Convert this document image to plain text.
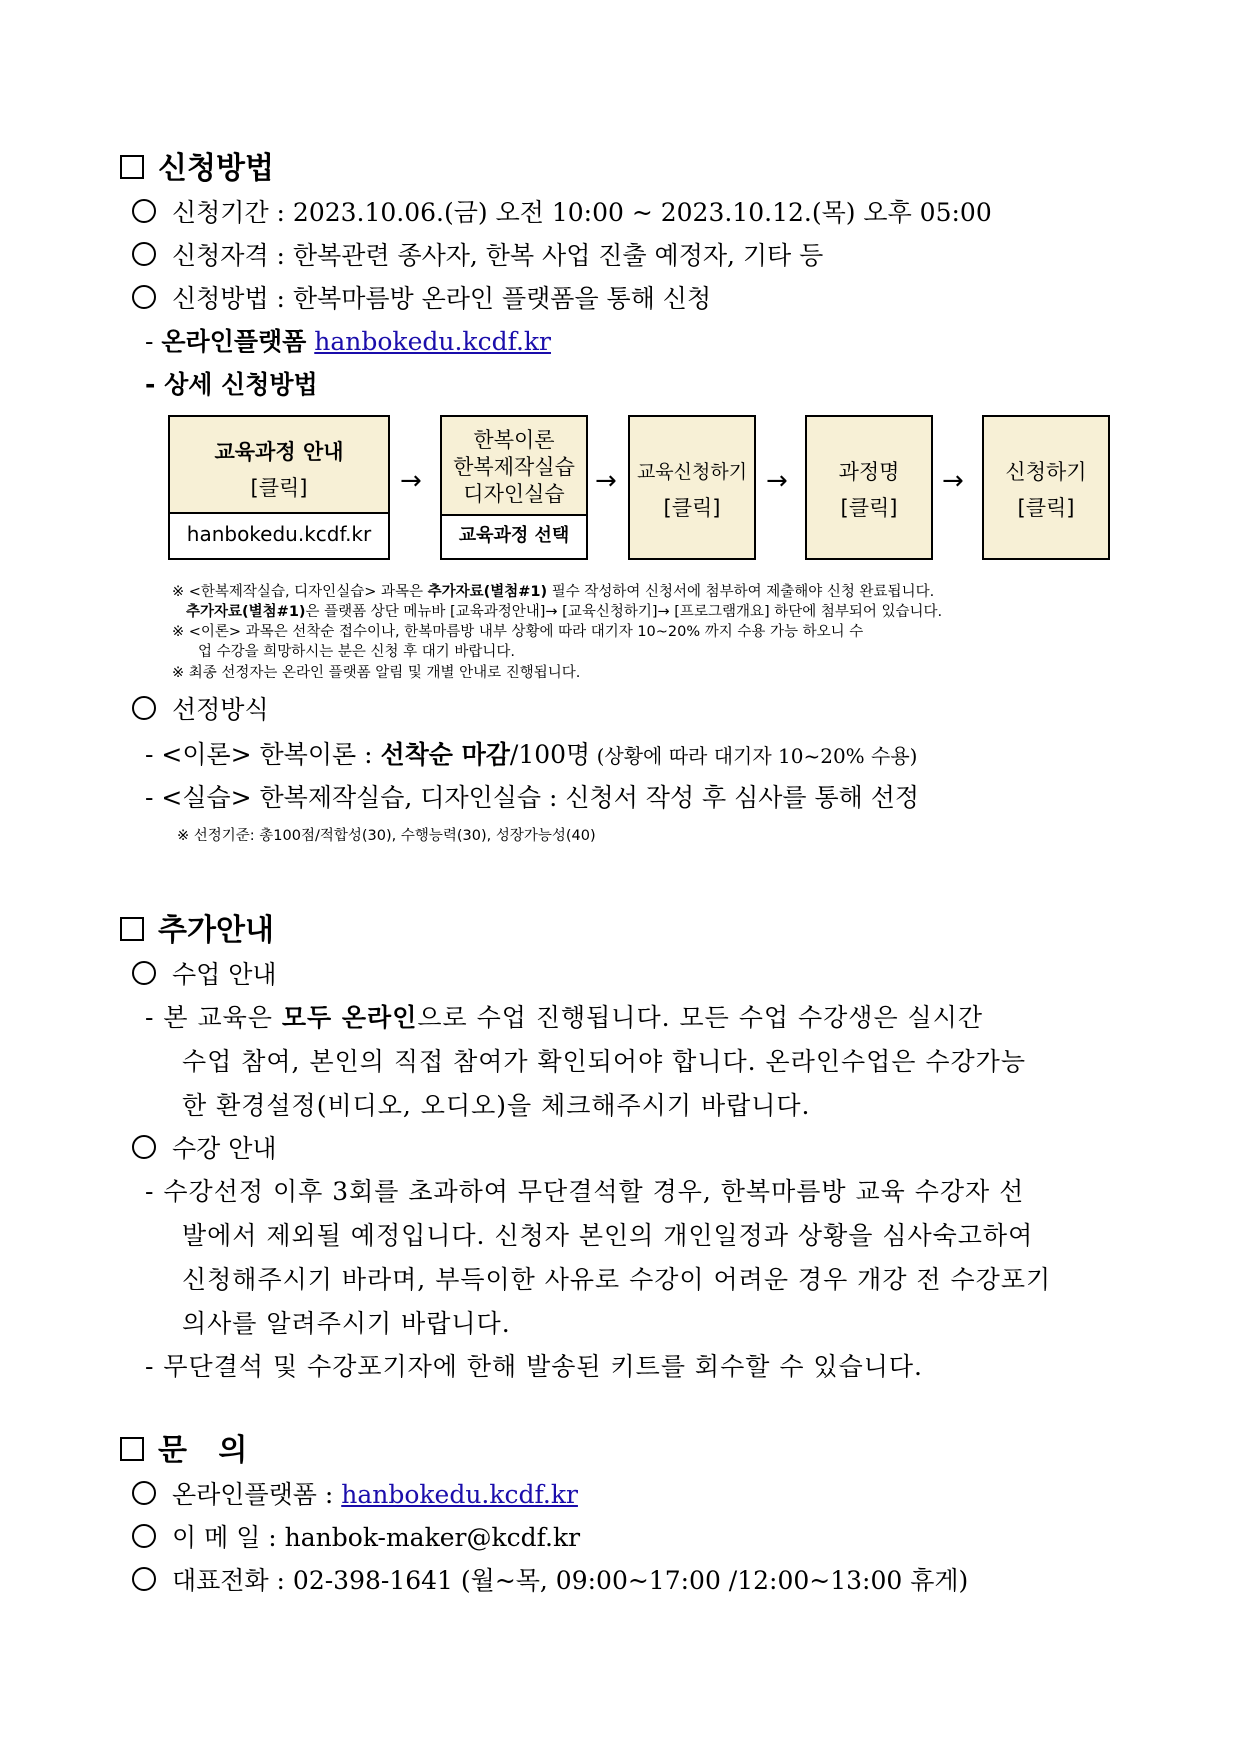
신청방법
신청기간 : 2023.10.06.(금) 오전 10:00 ~ 2023.10.12.(목) 오후 05:00
신청자격 : 한복관련 종사자, 한복 사업 진출 예정자, 기타 등
신청방법 : 한복마름방 온라인 플랫폼을 통해 신청
- 온라인플랫폼 hanbokedu.kcdf.kr
- 상세 신청방법
교육과정 안내
[클릭]
hanbokedu.kcdf.kr
→
한복이론
한복제작실습
디자인실습
교육과정 선택
→	교육신청하기
[클릭]
→	과정명
[클릭]
→	신청하기
[클릭]
※ <한복제작실습, 디자인실습> 과목은 추가자료(별첨#1) 필수 작성하여 신청서에 첨부하여 제출해야 신청 완료됩니다.
추가자료(별첨#1)은 플랫폼 상단 메뉴바 [교육과정안내]→ [교육신청하기]→ [프로그램개요] 하단에 첨부되어 있습니다.
※ <이론> 과목은 선착순 접수이나, 한복마름방 내부 상황에 따라 대기자 10~20% 까지 수용 가능 하오니 수
업 수강을 희망하시는 분은 신청 후 대기 바랍니다.
※ 최종 선정자는 온라인 플랫폼 알림 및 개별 안내로 진행됩니다.
선정방식
- <이론> 한복이론 : 선착순 마감/100명 (상황에 따라 대기자 10~20% 수용)
- <실습> 한복제작실습, 디자인실습 : 신청서 작성 후 심사를 통해 선정
※ 선정기준: 총100점/적합성(30), 수행능력(30), 성장가능성(40)
추가안내
수업 안내
- 본 교육은 모두 온라인으로 수업 진행됩니다. 모든 수업 수강생은 실시간
수업 참여, 본인의 직접 참여가 확인되어야 합니다. 온라인수업은 수강가능
한 환경설정(비디오, 오디오)을 체크해주시기 바랍니다.
수강 안내
- 수강선정 이후 3회를 초과하여 무단결석할 경우, 한복마름방 교육 수강자 선
발에서 제외될 예정입니다. 신청자 본인의 개인일정과 상황을 심사숙고하여
신청해주시기 바라며, 부득이한 사유로 수강이 어려운 경우 개강 전 수강포기
의사를 알려주시기 바랍니다.
- 무단결석 및 수강포기자에 한해 발송된 키트를 회수할 수 있습니다.
문   의
온라인플랫폼 : hanbokedu.kcdf.kr
이 메 일 : hanbok-maker@kcdf.kr
대표전화 : 02-398-1641 (월~목, 09:00~17:00 /12:00~13:00 휴게)
